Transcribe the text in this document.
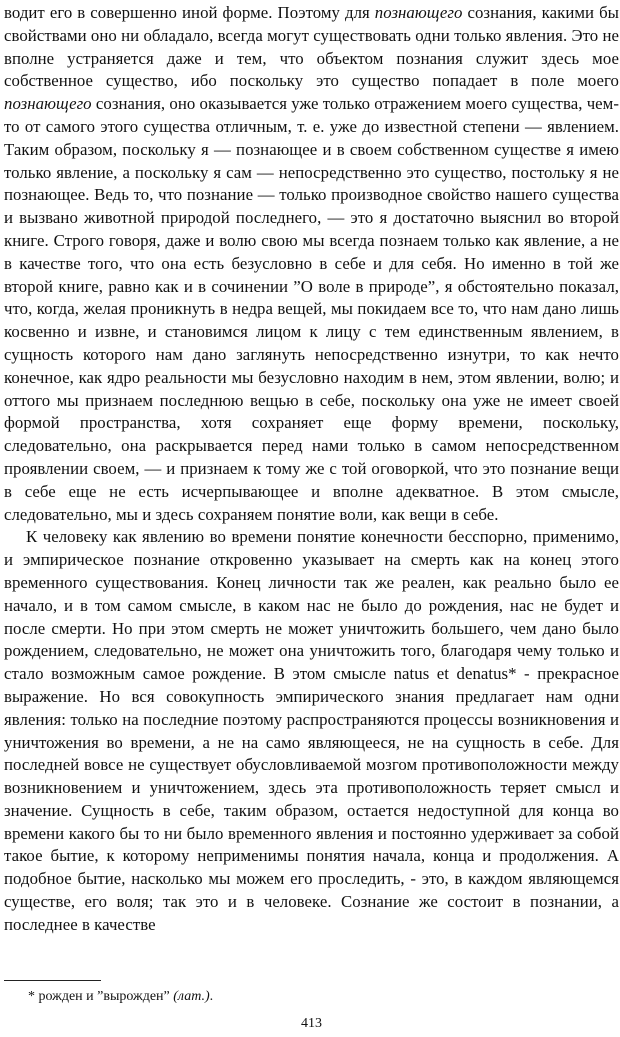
водит его в совершенно иной форме. Поэтому для познающего сознания, какими бы свойствами оно ни обладало, всегда могут существовать одни только явления. Это не вполне устраняется даже и тем, что объектом познания служит здесь мое собственное существо, ибо поскольку это существо попадает в поле моего познающего сознания, оно оказывается уже только отражением моего существа, чем-то от самого этого существа отличным, т. е. уже до известной степени — явлением. Таким образом, поскольку я — познающее и в своем собственном существе я имею только явление, а поскольку я сам — непосредственно это существо, постольку я не познающее. Ведь то, что познание — только производное свойство нашего существа и вызвано животной природой последнего, — это я достаточно выяснил во второй книге. Строго говоря, даже и волю свою мы всегда познаем только как явление, а не в качестве того, что она есть безусловно в себе и для себя. Но именно в той же второй книге, равно как и в сочинении ”О воле в природе”, я обстоятельно показал, что, когда, желая проникнуть в недра вещей, мы покидаем все то, что нам дано лишь косвенно и извне, и становимся лицом к лицу с тем единственным явлением, в сущность которого нам дано заглянуть непосредственно изнутри, то как нечто конечное, как ядро реальности мы безусловно находим в нем, этом явлении, волю; и оттого мы признаем последнюю вещью в себе, поскольку она уже не имеет своей формой пространства, хотя сохраняет еще форму времени, поскольку, следовательно, она раскрывается перед нами только в самом непосредственном проявлении своем, — и признаем к тому же с той оговоркой, что это познание вещи в себе еще не есть исчерпывающее и вполне адекватное. В этом смысле, следовательно, мы и здесь сохраняем понятие воли, как вещи в себе.

К человеку как явлению во времени понятие конечности бесспорно, применимо, и эмпирическое познание откровенно указывает на смерть как на конец этого временного существования. Конец личности так же реален, как реально было ее начало, и в том самом смысле, в каком нас не было до рождения, нас не будет и после смерти. Но при этом смерть не может уничтожить большего, чем дано было рождением, следовательно, не может она уничтожить того, благодаря чему только и стало возможным самое рождение. В этом смысле natus et denatus* - прекрасное выражение. Но вся совокупность эмпирического знания предлагает нам одни явления: только на последние поэтому распространяются процессы возникновения и уничтожения во времени, а не на само являющееся, не на сущность в себе. Для последней вовсе не существует обусловливаемой мозгом противоположности между возникновением и уничтожением, здесь эта противоположность теряет смысл и значение. Сущность в себе, таким образом, остается недоступной для конца во времени какого бы то ни было временного явления и постоянно удерживает за собой такое бытие, к которому неприменимы понятия начала, конца и продолжения. А подобное бытие, насколько мы можем его проследить, - это, в каждом являющемся существе, его воля; так это и в человеке. Сознание же состоит в познании, а последнее в качестве

* рожден и ”вырожден” (лат.).
413
